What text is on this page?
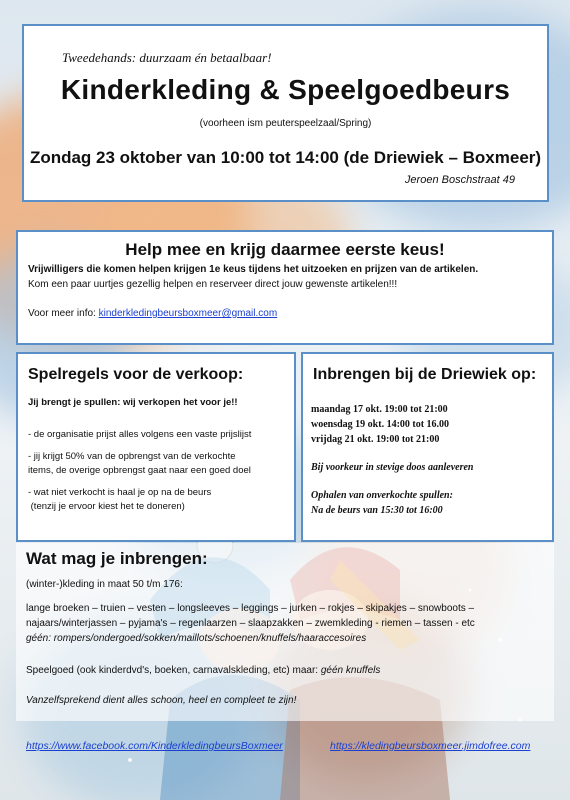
Tweedehands: duurzaam én betaalbaar!
Kinderkleding & Speelgoedbeurs
(voorheen ism peuterspeelzaal/Spring)
Zondag 23 oktober van 10:00 tot 14:00 (de Driewiek – Boxmeer)
Jeroen Boschstraat 49
Help mee en krijg daarmee eerste keus!
Vrijwilligers die komen helpen krijgen 1e keus tijdens het uitzoeken en prijzen van de artikelen.
Kom een paar uurtjes gezellig helpen en reserveer direct jouw gewenste artikelen!!!
Voor meer info: kinderkledingbeursboxmeer@gmail.com
Spelregels voor de verkoop:
Jij brengt je spullen: wij verkopen het voor je!!
- de organisatie prijst alles volgens een vaste prijslijst
- jij krijgt 50% van de opbrengst van de verkochte
items, de overige opbrengst gaat naar een goed doel
- wat niet verkocht is haal je op na de beurs
(tenzij je ervoor kiest het te doneren)
Inbrengen bij de Driewiek op:
maandag 17 okt. 19:00 tot 21:00
woensdag 19 okt. 14:00 tot 16.00
vrijdag 21 okt. 19:00 tot 21:00
Bij voorkeur in stevige doos aanleveren
Ophalen van onverkochte spullen:
Na de beurs van 15:30 tot 16:00
Wat mag je inbrengen:
(winter-)kleding in maat 50 t/m 176:
lange broeken – truien – vesten – longsleeves – leggings – jurken – rokjes – skipakjes – snowboots –
najaars/winterjassen – pyjama's – regenlaarzen – slaapzakken – zwemkleding - riemen – tassen - etc
géén: rompers/ondergoed/sokken/maillots/schoenen/knuffels/haaraccesoires
Speelgoed (ook kinderdvd's, boeken, carnavalskleding, etc) maar: géén knuffels
Vanzelfsprekend dient alles schoon, heel en compleet te zijn!
https://www.facebook.com/KinderkledingbeursBoxmeer	https://kledingbeursboxmeer.jimdofree.com
